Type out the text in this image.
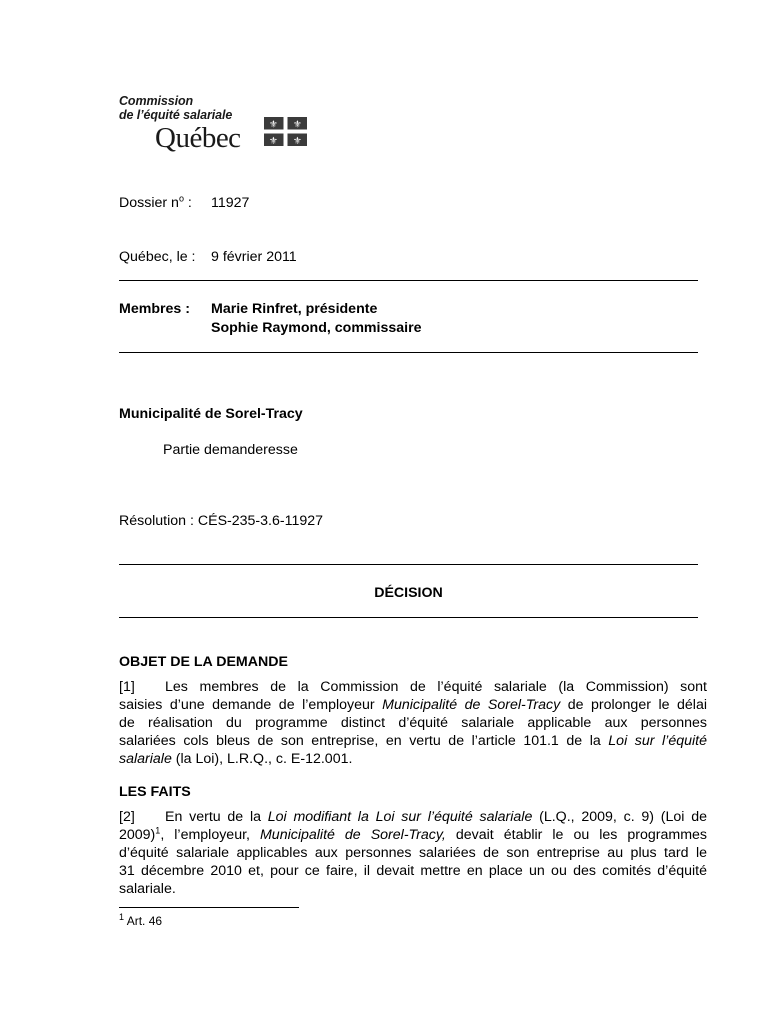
Commission
de l’équité salariale
Québec	⚜ ⚜
⚜ ⚜
Dossier $n^o$ : 11927
Québec, le : 9 février 2011
Membres : Marie Rinfret, présidente
Sophie Raymond, commissaire
Municipalité de Sorel-Tracy
Partie demanderesse
Résolution : CÉS-235-3.6-11927
DÉCISION
OBJET DE LA DEMANDE
[1] Les membres de la Commission de l’équité salariale (la Commission) sont
saisies d’une demande de l’employeur Municipalité de Sorel-Tracy de prolonger le délai
de réalisation du programme distinct d’équité salariale applicable aux personnes
salariées cols bleus de son entreprise, en vertu de l’article 101.1 de la Loi sur l’équité
salariale (la Loi), L.R.Q., c. E-12.001.
LES FAITS
[2] En vertu de la Loi modifiant la Loi sur l’équité salariale (L.Q., 2009, c. 9) (Loi de
2009)$^1$, l’employeur, Municipalité de Sorel-Tracy, devait établir le ou les programmes
d’équité salariale applicables aux personnes salariées de son entreprise au plus tard le
31 décembre 2010 et, pour ce faire, il devait mettre en place un ou des comités d’équité
salariale.
$^1$ Art. 46
